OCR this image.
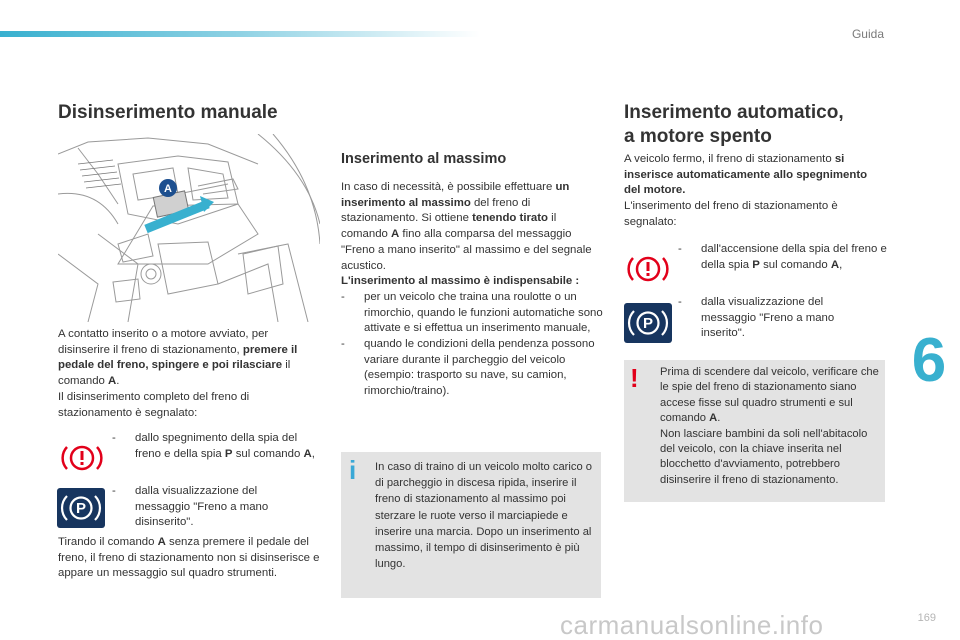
Guida
Disinserimento manuale
A

A contatto inserito o a motore avviato, per disinserire il freno di stazionamento, premere il pedale del freno, spingere e poi rilasciare il comando A.

Il disinserimento completo del freno di stazionamento è segnalato:

- dallo spegnimento della spia del freno e della spia P sul comando A,
P
- dalla visualizzazione del messaggio "Freno a mano disinserito".

Tirando il comando A senza premere il pedale del freno, il freno di stazionamento non si disinserisce e appare un messaggio sul quadro strumenti.

Inserimento al massimo

In caso di necessità, è possibile effettuare un inserimento al massimo del freno di stazionamento. Si ottiene tenendo tirato il comando A fino alla comparsa del messaggio "Freno a mano inserito" al massimo e del segnale acustico.

L'inserimento al massimo è indispensabile :

- per un veicolo che traina una roulotte o un rimorchio, quando le funzioni automatiche sono attivate e si effettua un inserimento manuale,

- quando le condizioni della pendenza possono variare durante il parcheggio del veicolo (esempio: trasporto su nave, su camion, rimorchio/traino).

i In caso di traino di un veicolo molto carico o di parcheggio in discesa ripida, inserire il freno di stazionamento al massimo poi sterzare le ruote verso il marciapiede e inserire una marcia. Dopo un inserimento al massimo, il tempo di disinserimento è più lungo.
Inserimento automatico,
a motore spento

A veicolo fermo, il freno di stazionamento si inserisce automaticamente allo spegnimento del motore.

L'inserimento del freno di stazionamento è segnalato:

- dall'accensione della spia del freno e della spia P sul comando A,
P
- dalla visualizzazione del messaggio "Freno a mano inserito".
! Prima di scendere dal veicolo, verificare che le spie del freno di stazionamento siano accese fisse sul quadro strumenti e sul comando A.
Non lasciare bambini da soli nell'abitacolo del veicolo, con la chiave inserita nel blocchetto d'avviamento, potrebbero disinserire il freno di stazionamento.
6
carmanualsonline.info	169
